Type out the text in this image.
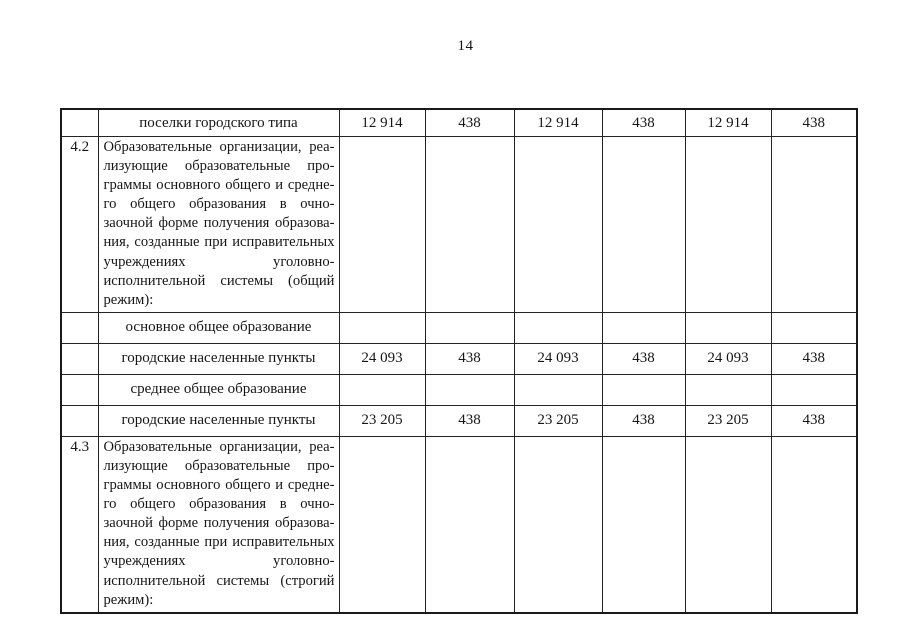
14
	поселки городского типа	12 914	438	12 914	438	12 914	438
4.2	Образовательные организации, реа-лизующие образовательные про-граммы основного общего и средне-го общего образования в очно-заочной форме получения образова-ния, созданные при исправительных учреждениях уголовно-исполнительной системы (общий режим):						
	основное общее образование						
	городские населенные пункты	24 093	438	24 093	438	24 093	438
	среднее общее образование						
	городские населенные пункты	23 205	438	23 205	438	23 205	438
4.3	Образовательные организации, реа-лизующие образовательные про-граммы основного общего и средне-го общего образования в очно-заочной форме получения образова-ния, созданные при исправительных учреждениях уголовно-исполнительной системы (строгий режим):						
